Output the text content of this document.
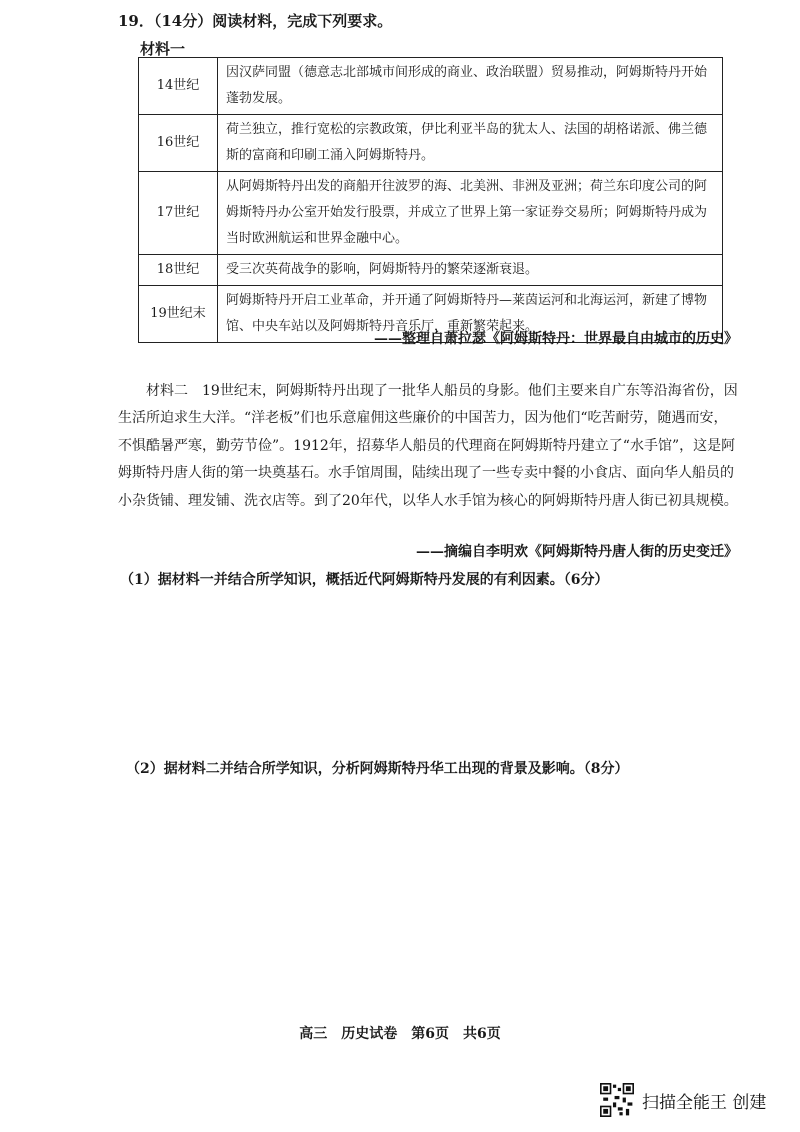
19．（14分）阅读材料，完成下列要求。
材料一
14世纪	因汉萨同盟（德意志北部城市间形成的商业、政治联盟）贸易推动，阿姆斯特丹开始蓬勃发展。
16世纪	荷兰独立，推行宽松的宗教政策，伊比利亚半岛的犹太人、法国的胡格诺派、佛兰德斯的富商和印刷工涌入阿姆斯特丹。
17世纪	从阿姆斯特丹出发的商船开往波罗的海、北美洲、非洲及亚洲；荷兰东印度公司的阿姆斯特丹办公室开始发行股票，并成立了世界上第一家证券交易所；阿姆斯特丹成为当时欧洲航运和世界金融中心。
18世纪	受三次英荷战争的影响，阿姆斯特丹的繁荣逐渐衰退。
19世纪末	阿姆斯特丹开启工业革命，并开通了阿姆斯特丹—莱茵运河和北海运河，新建了博物馆、中央车站以及阿姆斯特丹音乐厅，重新繁荣起来。
——整理自萧拉瑟《阿姆斯特丹：世界最自由城市的历史》

材料二　19世纪末，阿姆斯特丹出现了一批华人船员的身影。他们主要来自广东等沿海省份，因生活所迫求生大洋。“洋老板”们也乐意雇佣这些廉价的中国苦力，因为他们“吃苦耐劳，随遇而安，不惧酷暑严寒，勤劳节俭”。1912年，招募华人船员的代理商在阿姆斯特丹建立了“水手馆”，这是阿姆斯特丹唐人街的第一块奠基石。水手馆周围，陆续出现了一些专卖中餐的小食店、面向华人船员的小杂货铺、理发铺、洗衣店等。到了20年代，以华人水手馆为核心的阿姆斯特丹唐人街已初具规模。

——摘编自李明欢《阿姆斯特丹唐人街的历史变迁》
（1）据材料一并结合所学知识，概括近代阿姆斯特丹发展的有利因素。（6分）
（2）据材料二并结合所学知识，分析阿姆斯特丹华工出现的背景及影响。（8分）
高三　历史试卷　第6页　共6页
扫描全能王 创建
